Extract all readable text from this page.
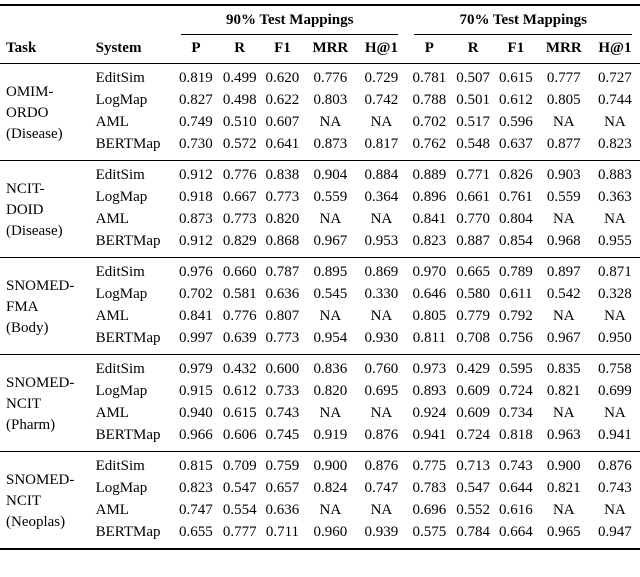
		90% Test Mappings					70% Test Mappings				

Task	System	P	R	F1	MRR	H@1	P	R	F1	MRR	H@1

OMIM-
ORDO
(Disease)	EditSim	0.819	0.499	0.620	0.776	0.729	0.781	0.507	0.615	0.777	0.727
	LogMap	0.827	0.498	0.622	0.803	0.742	0.788	0.501	0.612	0.805	0.744
	AML	0.749	0.510	0.607	NA	NA	0.702	0.517	0.596	NA	NA
	BERTMap	0.730	0.572	0.641	0.873	0.817	0.762	0.548	0.637	0.877	0.823

NCIT-
DOID
(Disease)	EditSim	0.912	0.776	0.838	0.904	0.884	0.889	0.771	0.826	0.903	0.883
	LogMap	0.918	0.667	0.773	0.559	0.364	0.896	0.661	0.761	0.559	0.363
	AML	0.873	0.773	0.820	NA	NA	0.841	0.770	0.804	NA	NA
	BERTMap	0.912	0.829	0.868	0.967	0.953	0.823	0.887	0.854	0.968	0.955

SNOMED-
FMA
(Body)	EditSim	0.976	0.660	0.787	0.895	0.869	0.970	0.665	0.789	0.897	0.871
	LogMap	0.702	0.581	0.636	0.545	0.330	0.646	0.580	0.611	0.542	0.328
	AML	0.841	0.776	0.807	NA	NA	0.805	0.779	0.792	NA	NA
	BERTMap	0.997	0.639	0.773	0.954	0.930	0.811	0.708	0.756	0.967	0.950

SNOMED-
NCIT
(Pharm)	EditSim	0.979	0.432	0.600	0.836	0.760	0.973	0.429	0.595	0.835	0.758
	LogMap	0.915	0.612	0.733	0.820	0.695	0.893	0.609	0.724	0.821	0.699
	AML	0.940	0.615	0.743	NA	NA	0.924	0.609	0.734	NA	NA
	BERTMap	0.966	0.606	0.745	0.919	0.876	0.941	0.724	0.818	0.963	0.941

SNOMED-
NCIT
(Neoplas)	EditSim	0.815	0.709	0.759	0.900	0.876	0.775	0.713	0.743	0.900	0.876
	LogMap	0.823	0.547	0.657	0.824	0.747	0.783	0.547	0.644	0.821	0.743
	AML	0.747	0.554	0.636	NA	NA	0.696	0.552	0.616	NA	NA
	BERTMap	0.655	0.777	0.711	0.960	0.939	0.575	0.784	0.664	0.965	0.947
